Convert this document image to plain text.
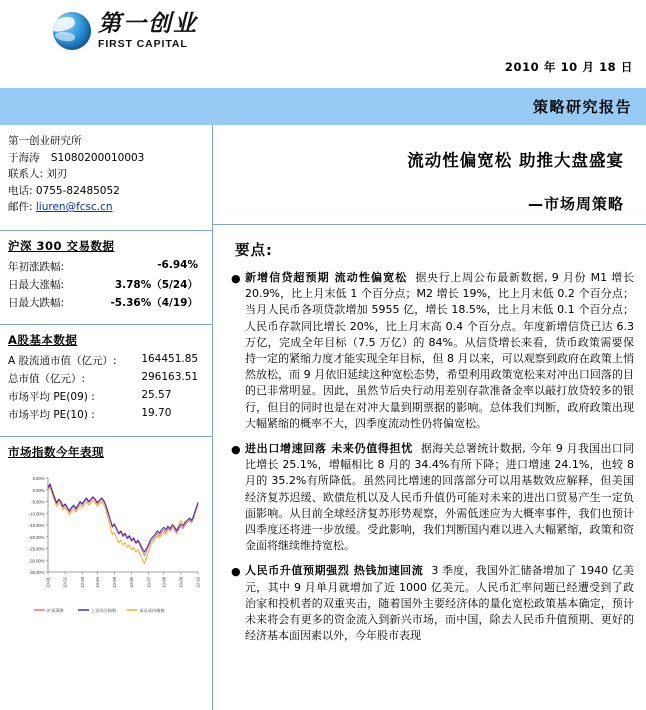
第一创业
FIRST CAPITAL
2010 年 10 月 18 日
策略研究报告
第一创业研究所
于海涛 S1080200010003
联系人: 刘刃
电话: 0755-82485052
邮件: liuren@fcsc.cn
沪深 300 交易数据
年初涨跌幅:	-6.94%
日最大涨幅:	3.78%（5/24）
日最大跌幅:	-5.36%（4/19）
A股基本数据
A 股流通市值（亿元）:	164451.85
总市值（亿元）:	296163.51
市场平均 PE(09) :	25.57
市场平均 PE(10) :	19.70
市场指数今年表现
5.00%
0.00%
-5.00%
-10.00%
-15.00%
-20.00%
-25.00%
-30.00%
-35.00%
10-01	10-02	10-03 10-04	10-05	10-06	10-07 10-08	10-09	10-10
沪深300	上证综合指数	深证成份指数
流动性偏宽松 助推大盘盛宴
—市场周策略
要点:
● 新增信贷超预期 流动性偏宽松 据央行上周公布最新数据, 9 月份 M1 增长 20.9%，比上月末低 1 个百分点；M2 增长 19%，比上月末低 0.2 个百分点；当月人民币各项贷款增加 5955 亿，增长 18.5%，比上月末低 0.1 个百分点；人民币存款同比增长 20%，比上月末高 0.4 个百分点。年度新增信贷已达 6.3 万亿，完成全年目标（7.5 万亿）的 84%。从信贷增长来看，货币政策需要保持一定的紧缩力度才能实现全年目标，但 8 月以来，可以观察到政府在政策上悄然放松，而 9 月依旧延续这种宽松态势，希望利用政策宽松来对冲出口回落的目的已非常明显。因此，虽然节后央行动用差别存款准备金率以敲打放贷较多的银行，但目的同时也是在对冲大量到期票据的影响。总体我们判断，政府政策出现大幅紧缩的概率不大，四季度流动性仍将偏宽松。
● 进出口增速回落 未来仍值得担忧 据海关总署统计数据, 今年 9 月我国出口同比增长 25.1%，增幅相比 8 月的 34.4%有所下降；进口增速 24.1%，也较 8 月的 35.2%有所降低。虽然同比增速的回落部分可以用基数效应解释，但美国经济复苏迟缓、欧债危机以及人民币升值仍可能对未来的进出口贸易产生一定负面影响。从目前全球经济复苏形势观察，外需低迷应为大概率事件，我们也预计四季度还将进一步放缓。受此影响，我们判断国内难以进入大幅紧缩，政策和资金面将继续维持宽松。
● 人民币升值预期强烈 热钱加速回流 3 季度，我国外汇储备增加了 1940 亿美元，其中 9 月单月就增加了近 1000 亿美元。人民币汇率问题已经遭受到了政治家和投机者的双重夹击，随着国外主要经济体的量化宽松政策基本确定，预计未来将会有更多的资金流入到新兴市场，而中国，除去人民币升值预期、更好的经济基本面因素以外，今年股市表现
